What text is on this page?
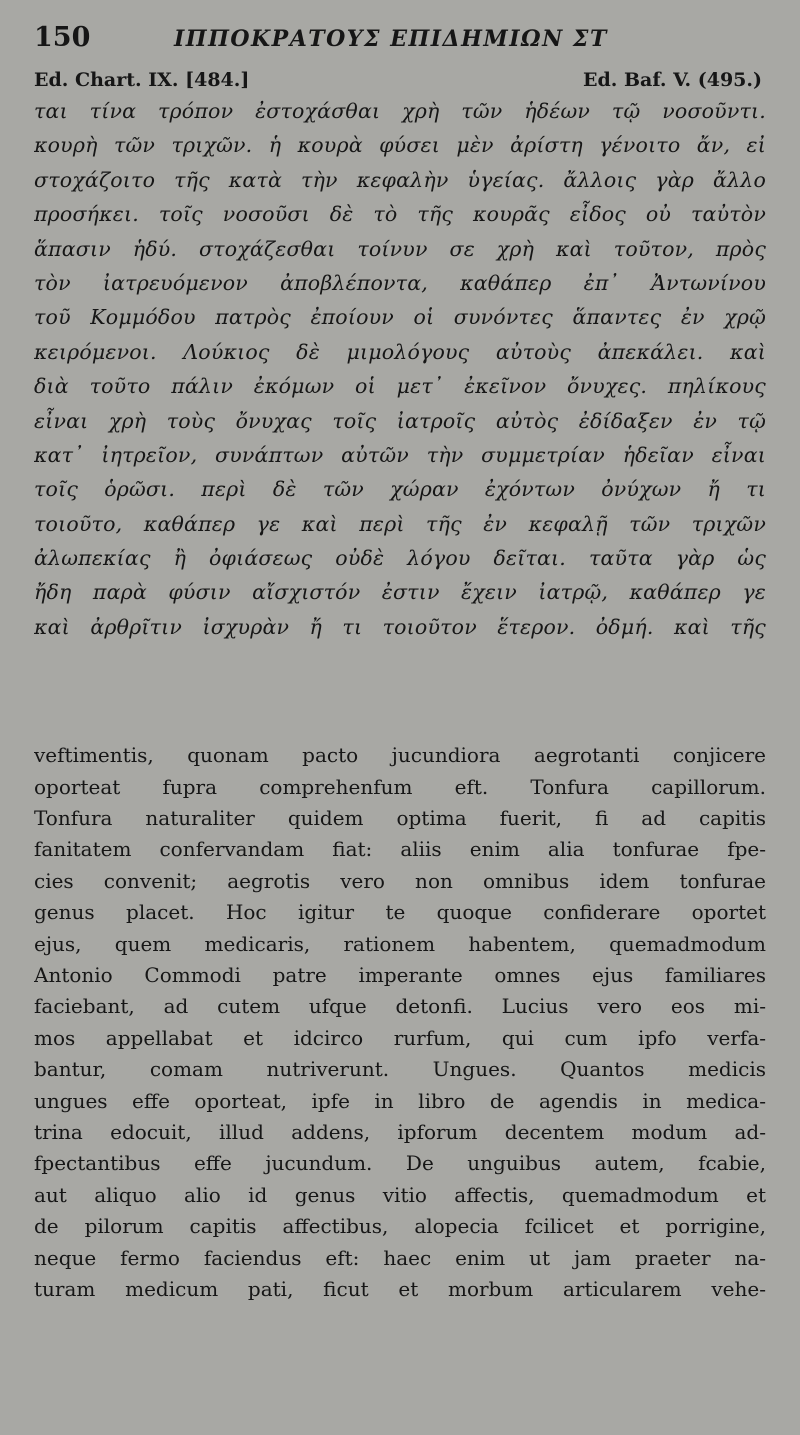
150	ΙΠΠΟΚΡΑΤΟΥΣ ΕΠΙΔΗΜΙΩΝ ΣΤ
Ed. Chart. IX. [484.]	Ed. Baf. V. (495.)
ται τίνα τρόπον ἐστοχάσθαι χρὴ τῶν ἡδέων τῷ νοσοῦντι.
κουρὴ τῶν τριχῶν. ἡ κουρὰ φύσει μὲν ἀρίστη γένοιτο ἄν, εἰ
στοχάζοιτο τῆς κατὰ τὴν κεφαλὴν ὑγείας. ἄλλοις γὰρ ἄλλο
προσήκει. τοῖς νοσοῦσι δὲ τὸ τῆς κουρᾶς εἶδος οὐ ταὐτὸν
ἅπασιν ἡδύ. στοχάζεσθαι τοίνυν σε χρὴ καὶ τοῦτον, πρὸς
τὸν ἰατρευόμενον ἀποβλέποντα, καθάπερ ἐπ᾽ Ἀντωνίνου
τοῦ Κομμόδου πατρὸς ἐποίουν οἱ συνόντες ἅπαντες ἐν χρῷ
κειρόμενοι. Λούκιος δὲ μιμολόγους αὐτοὺς ἀπεκάλει. καὶ
διὰ τοῦτο πάλιν ἐκόμων οἱ μετ᾽ ἐκεῖνον ὄνυχες. πηλίκους
εἶναι χρὴ τοὺς ὄνυχας τοῖς ἰατροῖς αὐτὸς ἐδίδαξεν ἐν τῷ
κατ᾽ ἰητρεῖον, συνάπτων αὐτῶν τὴν συμμετρίαν ἡδεῖαν εἶναι
τοῖς ὁρῶσι. περὶ δὲ τῶν χώραν ἐχόντων ὀνύχων ἤ τι
τοιοῦτο, καθάπερ γε καὶ περὶ τῆς ἐν κεφαλῇ τῶν τριχῶν
ἀλωπεκίας ἢ ὀφιάσεως οὐδὲ λόγου δεῖται. ταῦτα γὰρ ὡς
ἤδη παρὰ φύσιν αἴσχιστόν ἐστιν ἔχειν ἰατρῷ, καθάπερ γε
καὶ ἀρθρῖτιν ἰσχυρὰν ἤ τι τοιοῦτον ἕτερον. ὀδμή. καὶ τῆς
veftimentis, quonam pacto jucundiora aegrotanti conjicere
oporteat fupra comprehenfum eft. Tonfura capillorum.
Tonfura naturaliter quidem optima fuerit, fi ad capitis
fanitatem confervandam fiat: aliis enim alia tonfurae fpe-
cies convenit; aegrotis vero non omnibus idem tonfurae
genus placet. Hoc igitur te quoque confiderare oportet
ejus, quem medicaris, rationem habentem, quemadmodum
Antonio Commodi patre imperante omnes ejus familiares
faciebant, ad cutem ufque detonfi. Lucius vero eos mi-
mos appellabat et idcirco rurfum, qui cum ipfo verfa-
bantur, comam nutriverunt. Ungues. Quantos medicis
ungues effe oporteat, ipfe in libro de agendis in medica-
trina edocuit, illud addens, ipforum decentem modum ad-
fpectantibus effe jucundum. De unguibus autem, fcabie,
aut aliquo alio id genus vitio affectis, quemadmodum et
de pilorum capitis affectibus, alopecia fcilicet et porrigine,
neque fermo faciendus eft: haec enim ut jam praeter na-
turam medicum pati, ficut et morbum articularem vehe-
